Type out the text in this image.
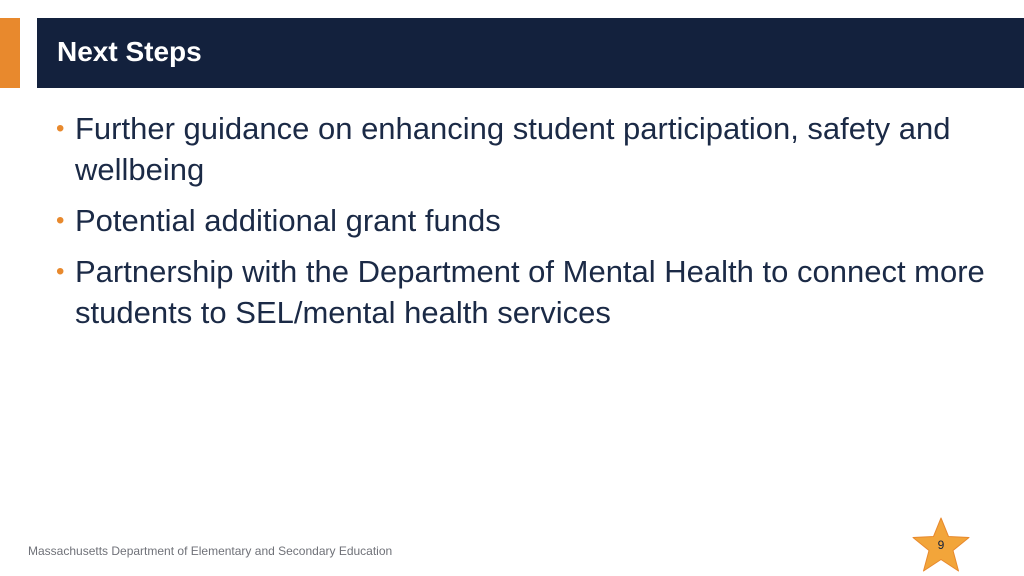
Next Steps
• Further guidance on enhancing student participation, safety and wellbeing
• Potential additional grant funds
• Partnership with the Department of Mental Health to connect more students to SEL/mental health services
Massachusetts Department of Elementary and Secondary Education	9
